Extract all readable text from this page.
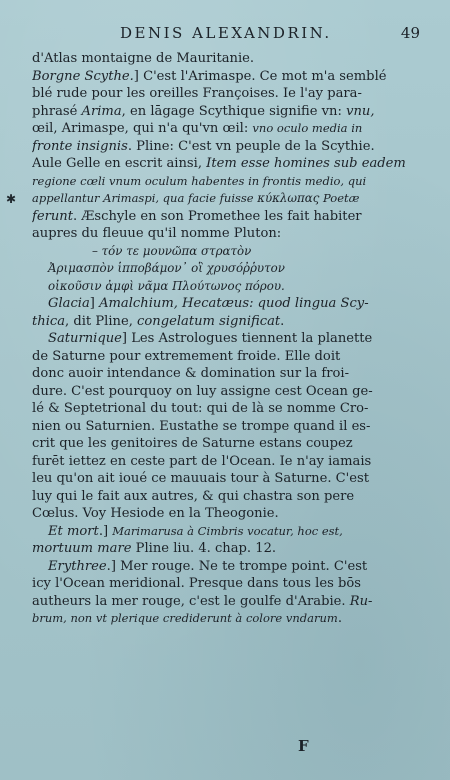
DENIS ALEXANDRIN.	49
✱
d'Atlas montaigne de Mauritanie.
Borgne Scythe.] C'est l'Arimaspe. Ce mot m'a semblé
blé rude pour les oreilles Françoises. Ie l'ay para-
phrasé Arima, en lāgage Scythique signifie vn: vnu,
œil, Arimaspe, qui n'a qu'vn œil: vno oculo media in
fronte insignis. Pline: C'est vn peuple de la Scythie.
Aule Gelle en escrit ainsi, Item esse homines sub eadem
regione cœli vnum oculum habentes in frontis medio, qui
appellantur Arimaspi, qua facie fuisse κύκλωπας Poetæ
ferunt. Æschyle en son Promethee les fait habiter
aupres du fleuue qu'il nomme Pluton:
– τόν τε μουνῶπα στρατὸν
Ἀριμασπὸν ἱπποβάμον᾽ οἳ χρυσόῤῥυτον
οἰκοῦσιν ἀμφὶ νᾶμα Πλούτωνος πόρου.
Glacia] Amalchium, Hecatæus: quod lingua Scy-
thica, dit Pline, congelatum significat.
Saturnique] Les Astrologues tiennent la planette
de Saturne pour extremement froide. Elle doit
donc auoir intendance & domination sur la froi-
dure. C'est pourquoy on luy assigne cest Ocean ge-
lé & Septetrional du tout: qui de là se nomme Cro-
nien ou Saturnien. Eustathe se trompe quand il es-
crit que les genitoires de Saturne estans coupez
furēt iettez en ceste part de l'Ocean. Ie n'ay iamais
leu qu'on ait ioué ce mauuais tour à Saturne. C'est
luy qui le fait aux autres, & qui chastra son pere
Cœlus. Voy Hesiode en la Theogonie.
Et mort.] Marimarusa à Cimbris vocatur, hoc est,
mortuum mare Pline liu. 4. chap. 12.
Erythree.] Mer rouge. Ne te trompe point. C'est
icy l'Ocean meridional. Presque dans tous les bōs
autheurs la mer rouge, c'est le goulfe d'Arabie. Ru-
brum, non vt plerique crediderunt à colore vndarum.
F
